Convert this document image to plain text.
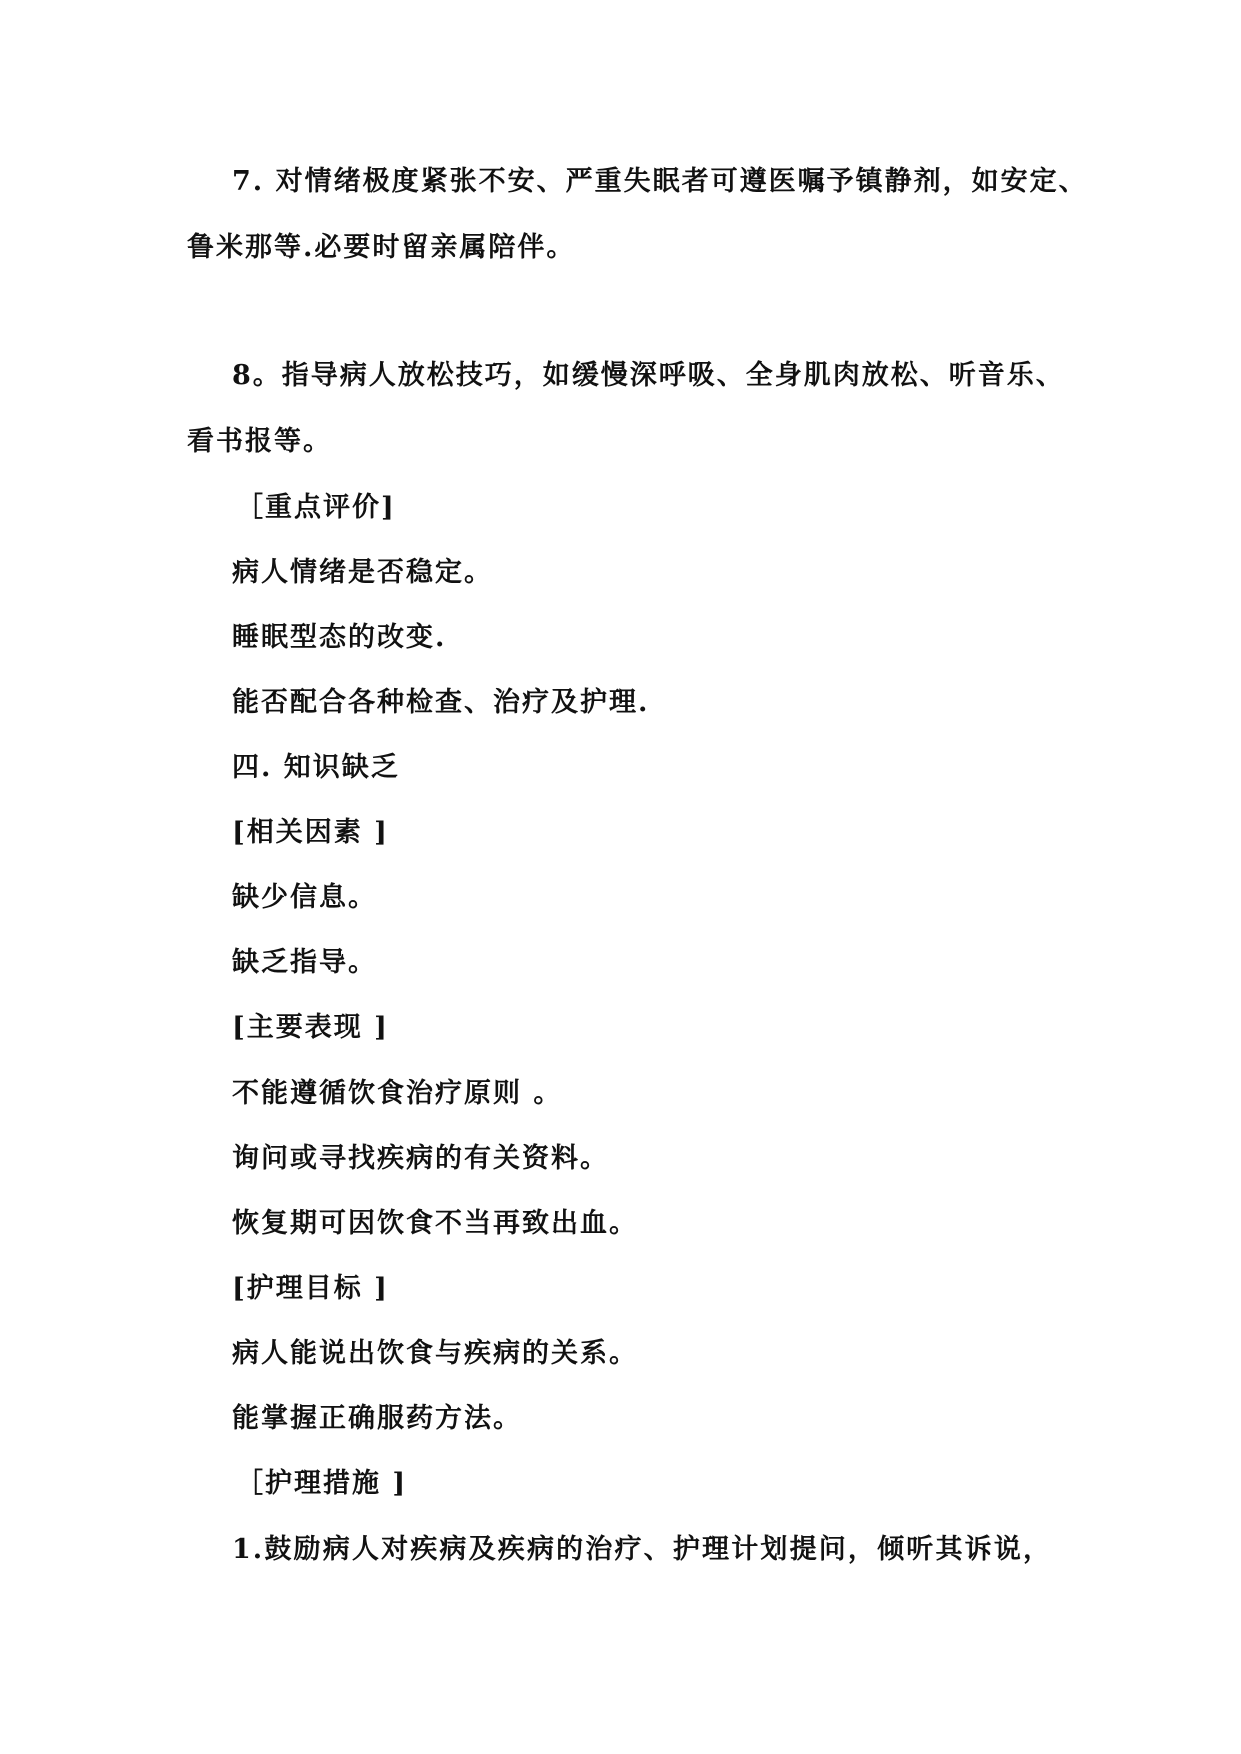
7. 对情绪极度紧张不安、严重失眠者可遵医嘱予镇静剂，如安定、

鲁米那等.必要时留亲属陪伴。

8。指导病人放松技巧，如缓慢深呼吸、全身肌肉放松、听音乐、

看书报等。

［重点评价]

病人情绪是否稳定。

睡眠型态的改变.

能否配合各种检查、治疗及护理.

四. 知识缺乏

[相关因素 ]

缺少信息。

缺乏指导。

[主要表现 ]

不能遵循饮食治疗原则 。

询问或寻找疾病的有关资料。

恢复期可因饮食不当再致出血。

[护理目标 ]

病人能说出饮食与疾病的关系。

能掌握正确服药方法。

［护理措施 ]

1.鼓励病人对疾病及疾病的治疗、护理计划提问，倾听其诉说，
